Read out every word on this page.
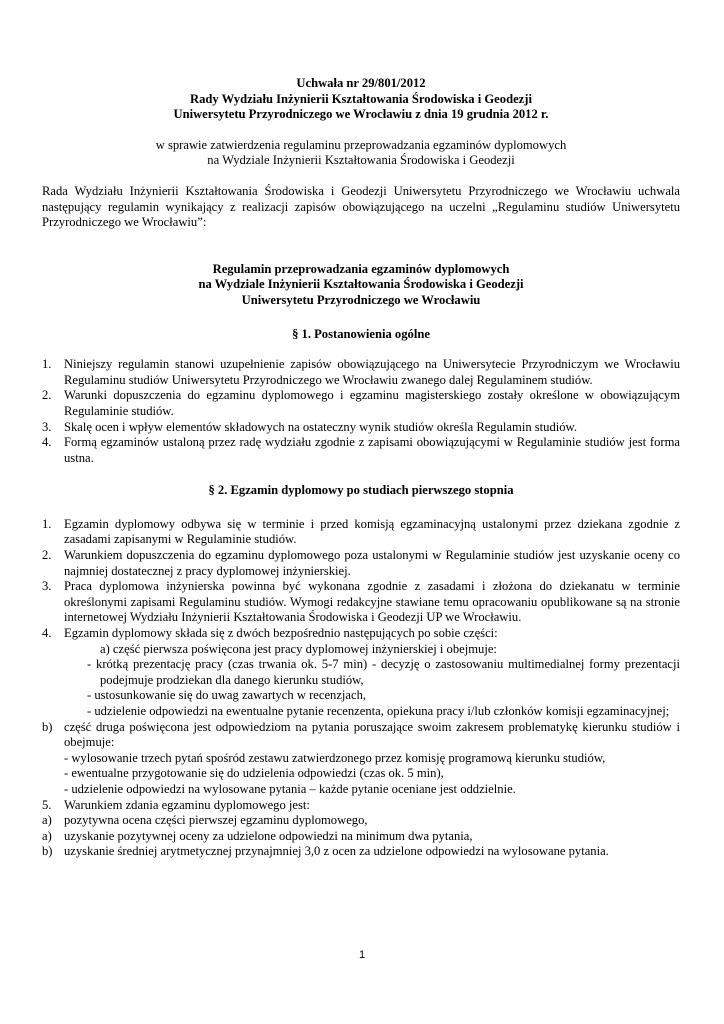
Uchwała nr 29/801/2012
Rady Wydziału Inżynierii Kształtowania Środowiska i Geodezji
Uniwersytetu Przyrodniczego we Wrocławiu z dnia 19 grudnia 2012 r.
w sprawie zatwierdzenia regulaminu przeprowadzania egzaminów dyplomowych
na Wydziale Inżynierii Kształtowania Środowiska i Geodezji
Rada Wydziału Inżynierii Kształtowania Środowiska i Geodezji Uniwersytetu Przyrodniczego we Wrocławiu uchwala następujący regulamin wynikający z realizacji zapisów obowiązującego na uczelni „Regulaminu studiów Uniwersytetu Przyrodniczego we Wrocławiu”:
Regulamin przeprowadzania egzaminów dyplomowych
na Wydziale Inżynierii Kształtowania Środowiska i Geodezji
Uniwersytetu Przyrodniczego we Wrocławiu
§ 1. Postanowienia ogólne
1. Niniejszy regulamin stanowi uzupełnienie zapisów obowiązującego na Uniwersytecie Przyrodniczym we Wrocławiu Regulaminu studiów Uniwersytetu Przyrodniczego we Wrocławiu zwanego dalej Regulaminem studiów.
2. Warunki dopuszczenia do egzaminu dyplomowego i egzaminu magisterskiego zostały określone w obowiązującym Regulaminie studiów.
3. Skalę ocen i wpływ elementów składowych na ostateczny wynik studiów określa Regulamin studiów.
4. Formą egzaminów ustaloną przez radę wydziału zgodnie z zapisami obowiązującymi w Regulaminie studiów jest forma ustna.
§ 2. Egzamin dyplomowy po studiach pierwszego stopnia
1. Egzamin dyplomowy odbywa się w terminie i przed komisją egzaminacyjną ustalonymi przez dziekana zgodnie z zasadami zapisanymi w Regulaminie studiów.
2. Warunkiem dopuszczenia do egzaminu dyplomowego poza ustalonymi w Regulaminie studiów jest uzyskanie oceny co najmniej dostatecznej z pracy dyplomowej inżynierskiej.
3. Praca dyplomowa inżynierska powinna być wykonana zgodnie z zasadami i złożona do dziekanatu w terminie określonymi zapisami Regulaminu studiów. Wymogi redakcyjne stawiane temu opracowaniu opublikowane są na stronie internetowej Wydziału Inżynierii Kształtowania Środowiska i Geodezji UP we Wrocławiu.
4. Egzamin dyplomowy składa się z dwóch bezpośrednio następujących po sobie części:
a) część pierwsza poświęcona jest pracy dyplomowej inżynierskiej i obejmuje:
- krótką prezentację pracy (czas trwania ok. 5-7 min) - decyzję o zastosowaniu multimedialnej formy prezentacji podejmuje prodziekan dla danego kierunku studiów,
- ustosunkowanie się do uwag zawartych w recenzjach,
- udzielenie odpowiedzi na ewentualne pytanie recenzenta, opiekuna pracy i/lub członków komisji egzaminacyjnej;
b) część druga poświęcona jest odpowiedziom na pytania poruszające swoim zakresem problematykę kierunku studiów i obejmuje:
- wylosowanie trzech pytań spośród zestawu zatwierdzonego przez komisję programową kierunku studiów,
- ewentualne przygotowanie się do udzielenia odpowiedzi (czas ok. 5 min),
- udzielenie odpowiedzi na wylosowane pytania – każde pytanie oceniane jest oddzielnie.
5. Warunkiem zdania egzaminu dyplomowego jest:
a) pozytywna ocena części pierwszej egzaminu dyplomowego,
a) uzyskanie pozytywnej oceny za udzielone odpowiedzi na minimum dwa pytania,
b) uzyskanie średniej arytmetycznej przynajmniej 3,0 z ocen za udzielone odpowiedzi na wylosowane pytania.
1
